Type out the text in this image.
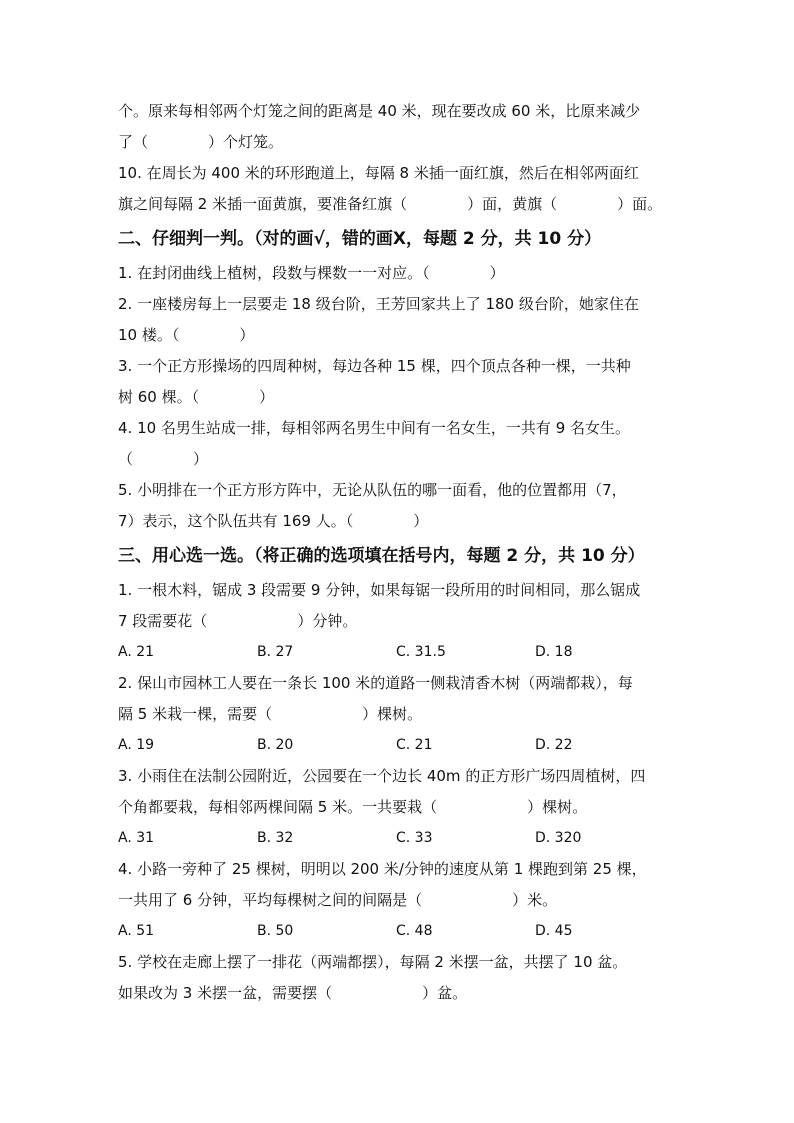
个。原来每相邻两个灯笼之间的距离是 40 米，现在要改成 60 米，比原来减少
了（　　　　）个灯笼。
10. 在周长为 400 米的环形跑道上，每隔 8 米插一面红旗，然后在相邻两面红
旗之间每隔 2 米插一面黄旗，要准备红旗（　　　　）面，黄旗（　　　　）面。
二、仔细判一判。（对的画√，错的画X，每题 2 分，共 10 分）
1. 在封闭曲线上植树，段数与棵数一一对应。（　　　　）
2. 一座楼房每上一层要走 18 级台阶，王芳回家共上了 180 级台阶，她家住在
10 楼。（　　　　）
3. 一个正方形操场的四周种树，每边各种 15 棵，四个顶点各种一棵，一共种
树 60 棵。（　　　　）
4. 10 名男生站成一排，每相邻两名男生中间有一名女生，一共有 9 名女生。
（　　　　）
5. 小明排在一个正方形方阵中，无论从队伍的哪一面看，他的位置都用（7，
7）表示，这个队伍共有 169 人。（　　　　）
三、用心选一选。（将正确的选项填在括号内，每题 2 分，共 10 分）
1. 一根木料，锯成 3 段需要 9 分钟，如果每锯一段所用的时间相同，那么锯成
7 段需要花（　　　　　　）分钟。
A. 21	B. 27	C. 31.5	D. 18
2. 保山市园林工人要在一条长 100 米的道路一侧栽清香木树（两端都栽），每
隔 5 米栽一棵，需要（　　　　　　）棵树。
A. 19	B. 20	C. 21	D. 22
3. 小雨住在法制公园附近，公园要在一个边长 40m 的正方形广场四周植树，四
个角都要栽，每相邻两棵间隔 5 米。一共要栽（　　　　　　）棵树。
A. 31	B. 32	C. 33	D. 320
4. 小路一旁种了 25 棵树，明明以 200 米/分钟的速度从第 1 棵跑到第 25 棵，
一共用了 6 分钟，平均每棵树之间的间隔是（　　　　　　）米。
A. 51	B. 50	C. 48	D. 45
5. 学校在走廊上摆了一排花（两端都摆），每隔 2 米摆一盆，共摆了 10 盆。
如果改为 3 米摆一盆，需要摆（　　　　　　）盆。
